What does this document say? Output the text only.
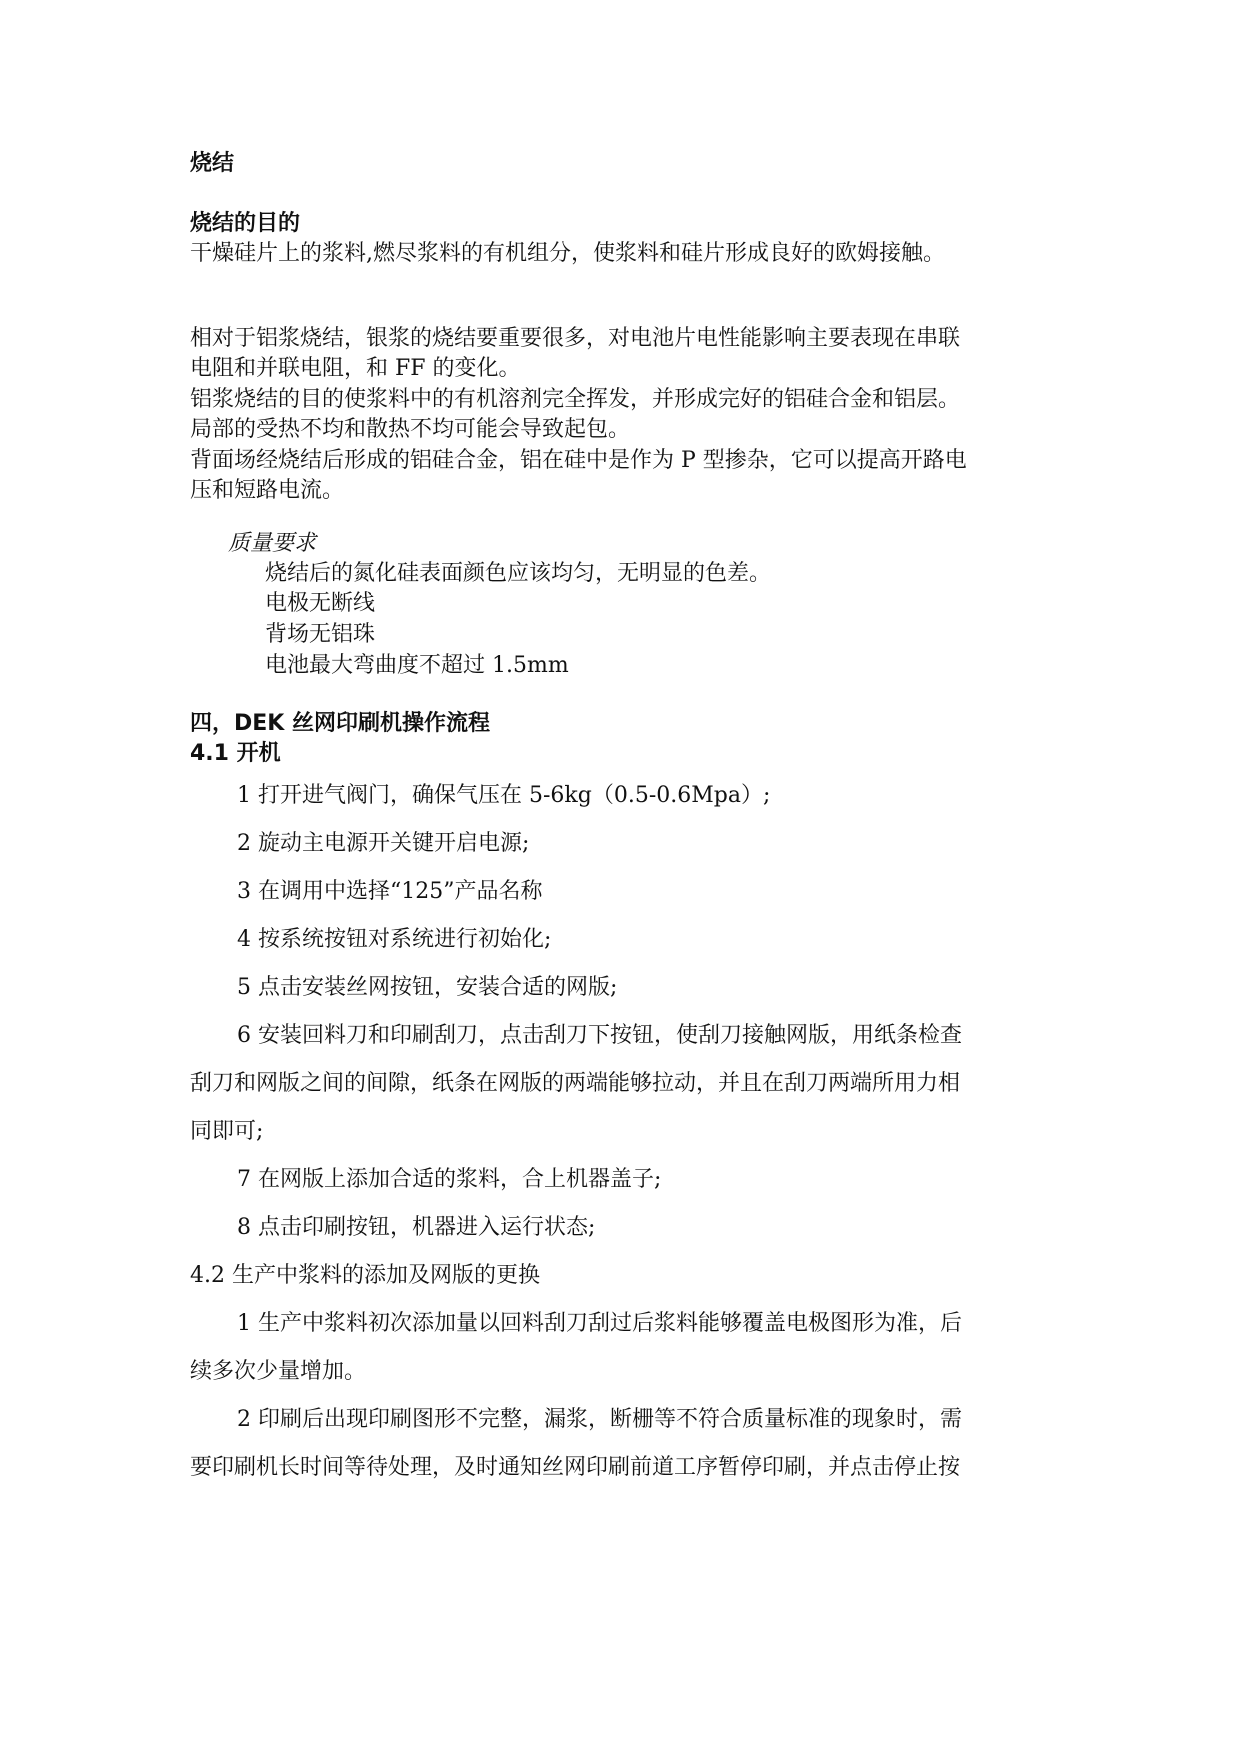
烧结
烧结的目的
干燥硅片上的浆料,燃尽浆料的有机组分，使浆料和硅片形成良好的欧姆接触。
相对于铝浆烧结，银浆的烧结要重要很多，对电池片电性能影响主要表现在串联
电阻和并联电阻，和 FF 的变化。
铝浆烧结的目的使浆料中的有机溶剂完全挥发，并形成完好的铝硅合金和铝层。
局部的受热不均和散热不均可能会导致起包。
背面场经烧结后形成的铝硅合金，铝在硅中是作为 P 型掺杂，它可以提高开路电
压和短路电流。
质量要求
烧结后的氮化硅表面颜色应该均匀，无明显的色差。
电极无断线
背场无铝珠
电池最大弯曲度不超过 1.5mm
四，DEK 丝网印刷机操作流程
4.1 开机
1 打开进气阀门，确保气压在 5-6kg（0.5-0.6Mpa）;
2 旋动主电源开关键开启电源;
3 在调用中选择“125”产品名称
4 按系统按钮对系统进行初始化;
5 点击安装丝网按钮，安装合适的网版;
6 安装回料刀和印刷刮刀，点击刮刀下按钮，使刮刀接触网版，用纸条检查
刮刀和网版之间的间隙，纸条在网版的两端能够拉动，并且在刮刀两端所用力相
同即可;
7 在网版上添加合适的浆料，合上机器盖子;
8 点击印刷按钮，机器进入运行状态;
4.2 生产中浆料的添加及网版的更换
1 生产中浆料初次添加量以回料刮刀刮过后浆料能够覆盖电极图形为准，后
续多次少量增加。
2 印刷后出现印刷图形不完整，漏浆，断栅等不符合质量标准的现象时，需
要印刷机长时间等待处理，及时通知丝网印刷前道工序暂停印刷，并点击停止按
